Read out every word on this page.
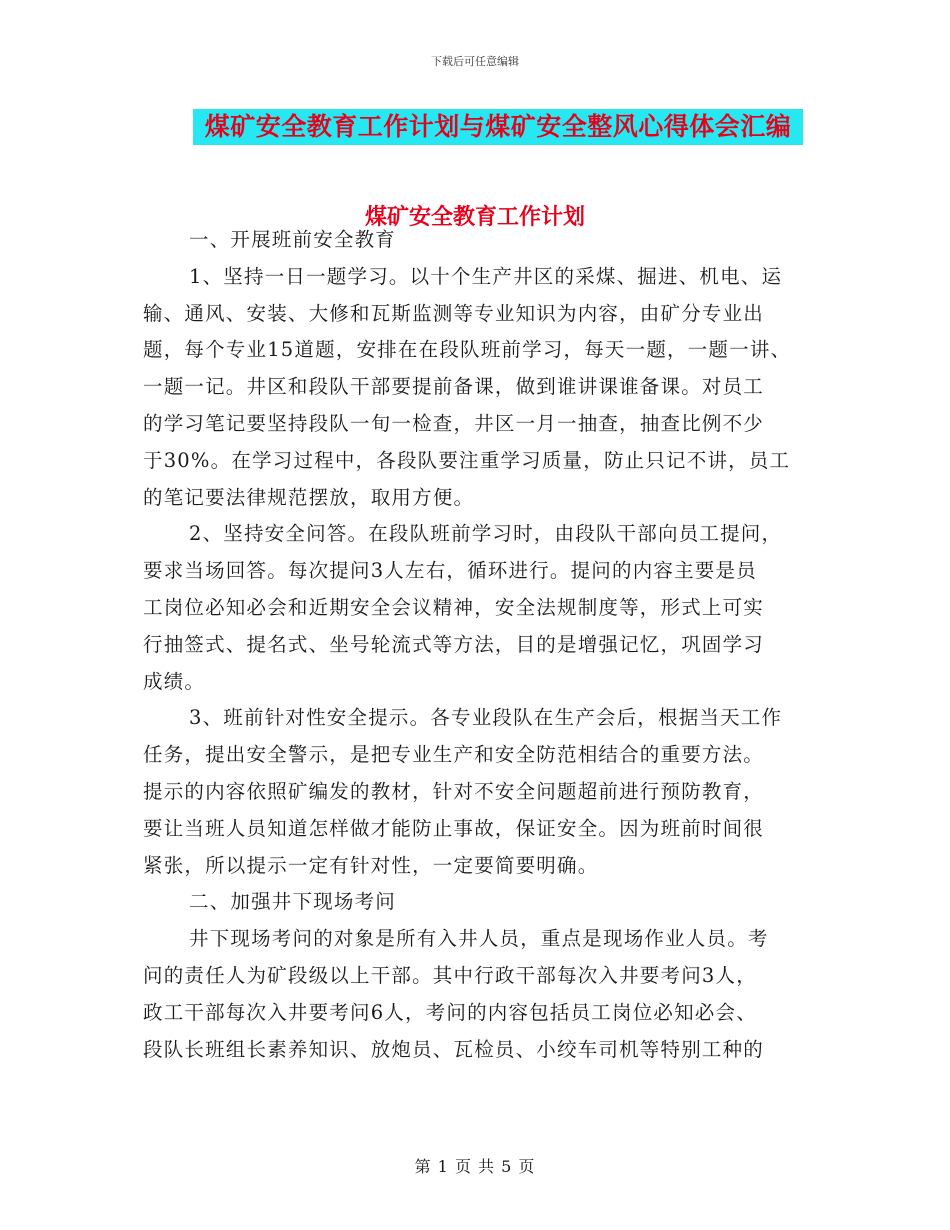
下载后可任意编辑
煤矿安全教育工作计划与煤矿安全整风心得体会汇编
煤矿安全教育工作计划
一、开展班前安全教育
1、坚持一日一题学习。以十个生产井区的采煤、掘进、机电、运
输、通风、安装、大修和瓦斯监测等专业知识为内容，由矿分专业出
题，每个专业15道题，安排在在段队班前学习，每天一题，一题一讲、
一题一记。井区和段队干部要提前备课，做到谁讲课谁备课。对员工
的学习笔记要坚持段队一旬一检查，井区一月一抽查，抽查比例不少
于30%。在学习过程中，各段队要注重学习质量，防止只记不讲，员工
的笔记要法律规范摆放，取用方便。
2、坚持安全问答。在段队班前学习时，由段队干部向员工提问，
要求当场回答。每次提问3人左右，循环进行。提问的内容主要是员
工岗位必知必会和近期安全会议精神，安全法规制度等，形式上可实
行抽签式、提名式、坐号轮流式等方法，目的是增强记忆，巩固学习
成绩。
3、班前针对性安全提示。各专业段队在生产会后，根据当天工作
任务，提出安全警示，是把专业生产和安全防范相结合的重要方法。
提示的内容依照矿编发的教材，针对不安全问题超前进行预防教育，
要让当班人员知道怎样做才能防止事故，保证安全。因为班前时间很
紧张，所以提示一定有针对性，一定要简要明确。
二、加强井下现场考问
井下现场考问的对象是所有入井人员，重点是现场作业人员。考
问的责任人为矿段级以上干部。其中行政干部每次入井要考问3人，
政工干部每次入井要考问6人，考问的内容包括员工岗位必知必会、
段队长班组长素养知识、放炮员、瓦检员、小绞车司机等特别工种的
第 1 页 共 5 页
